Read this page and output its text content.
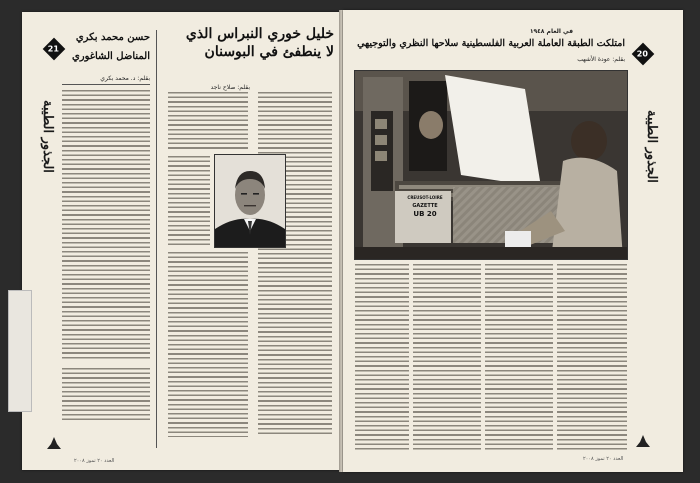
21
الجذور الطيبة
حسن محمد بكري
المناضل الشاغوري
بقلم: د. محمد بكري
خليل خوري النبراس الذي
لا ينطفئ في البوسنان
بقلم: صلاح ناجد
العدد ٢٠ تموز ٢٠٠٨
في العام ١٩٤٨
امتلكت الطبقة العاملة العربية الفلسطينية سلاحها النظري والتوجيهي
بقلم: عودة الأشهب
20
الجذور الطيبة
CREUSOT-LOIRE
GAZETTE
UB 20
العدد ٢٠ تموز ٢٠٠٨
